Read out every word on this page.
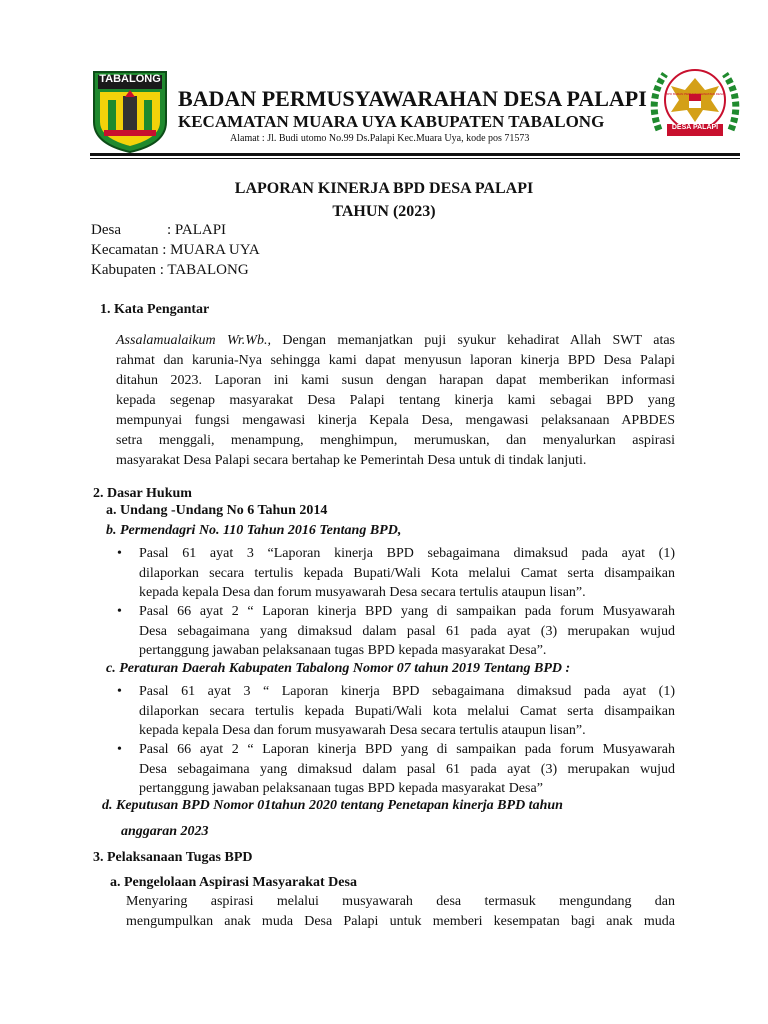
TABALONG
DESA PALAPI
BPD BADAN PERMUSYAWARATAN DESA
BADAN PERMUSYAWARAHAN DESA PALAPI
KECAMATAN MUARA UYA KABUPATEN TABALONG
Alamat : Jl. Budi utomo No.99 Ds.Palapi Kec.Muara Uya, kode pos 71573
LAPORAN KINERJA BPD DESA PALAPI
TAHUN (2023)
Desa	: PALAPI
Kecamatan : MUARA UYA
Kabupaten : TABALONG
1. Kata Pengantar
Assalamualaikum Wr.Wb., Dengan memanjatkan puji syukur kehadirat Allah SWT atas
rahmat dan karunia-Nya sehingga kami dapat menyusun laporan kinerja BPD Desa Palapi
ditahun 2023. Laporan ini kami susun dengan harapan dapat memberikan informasi
kepada segenap masyarakat Desa Palapi tentang kinerja kami sebagai BPD yang
mempunyai fungsi mengawasi kinerja Kepala Desa, mengawasi pelaksanaan APBDES
setra menggali, menampung, menghimpun, merumuskan, dan menyalurkan aspirasi
masyarakat Desa Palapi secara bertahap ke Pemerintah Desa untuk di tindak lanjuti.
2. Dasar Hukum
a. Undang -Undang No 6 Tahun 2014
b. Permendagri No. 110 Tahun 2016 Tentang BPD,
• Pasal 61 ayat 3 “Laporan kinerja BPD sebagaimana dimaksud pada ayat (1)
dilaporkan secara tertulis kepada Bupati/Wali Kota melalui Camat serta disampaikan
kepada kepala Desa dan forum musyawarah Desa secara tertulis ataupun lisan”.
• Pasal 66 ayat 2 “ Laporan kinerja BPD yang di sampaikan pada forum Musyawarah
Desa sebagaimana yang dimaksud dalam pasal 61 pada ayat (3) merupakan wujud
pertanggung jawaban pelaksanaan tugas BPD kepada masyarakat Desa”.
c. Peraturan Daerah Kabupaten Tabalong Nomor 07 tahun 2019 Tentang BPD :
• Pasal 61 ayat 3 “ Laporan kinerja BPD sebagaimana dimaksud pada ayat (1)
dilaporkan secara tertulis kepada Bupati/Wali kota melalui Camat serta disampaikan
kepada kepala Desa dan forum musyawarah Desa secara tertulis ataupun lisan”.
• Pasal 66 ayat 2 “ Laporan kinerja BPD yang di sampaikan pada forum Musyawarah
Desa sebagaimana yang dimaksud dalam pasal 61 pada ayat (3) merupakan wujud
pertanggung jawaban pelaksanaan tugas BPD kepada masyarakat Desa”
d. Keputusan BPD Nomor 01tahun 2020 tentang Penetapan kinerja BPD tahun
anggaran 2023
3. Pelaksanaan Tugas BPD
a. Pengelolaan Aspirasi Masyarakat Desa
Menyaring aspirasi melalui musyawarah desa termasuk mengundang dan
mengumpulkan anak muda Desa Palapi untuk memberi kesempatan bagi anak muda
